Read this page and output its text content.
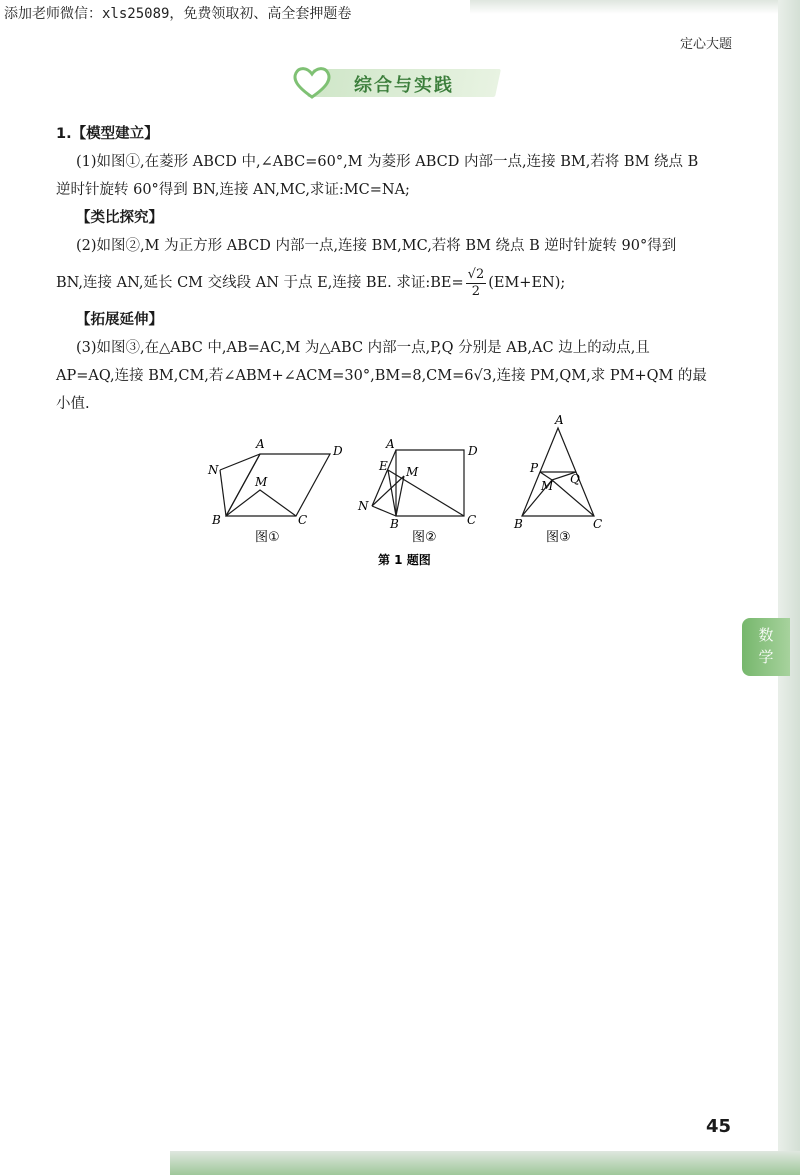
添加老师微信：xls25089，免费领取初、高全套押题卷
定心大题
综合与实践

1.【模型建立】

(1)如图①,在菱形 ABCD 中,∠ABC=60°,M 为菱形 ABCD 内部一点,连接 BM,若将 BM 绕点 B

逆时针旋转 60°得到 BN,连接 AN,MC,求证:MC=NA;

【类比探究】

(2)如图②,M 为正方形 ABCD 内部一点,连接 BM,MC,若将 BM 绕点 B 逆时针旋转 90°得到

BN,连接 AN,延长 CM 交线段 AN 于点 E,连接 BE. 求证:BE= $\frac{√2}{2} (EM+EN)$;

【拓展延伸】

(3)如图③,在△ABC 中,AB=AC,M 为△ABC 内部一点,P,Q 分别是 AB,AC 边上的动点,且

AP=AQ,连接 BM,CM,若∠ABM+∠ACM=30°,BM=8,CM=6√3,连接 PM,QM,求 PM+QM 的最

小值.

A	D
N
M
B	C
图①
A	D
E M
N
B	C
图②
A
P
Q
M
B	C
图③
第 1 题图
数
学
45
